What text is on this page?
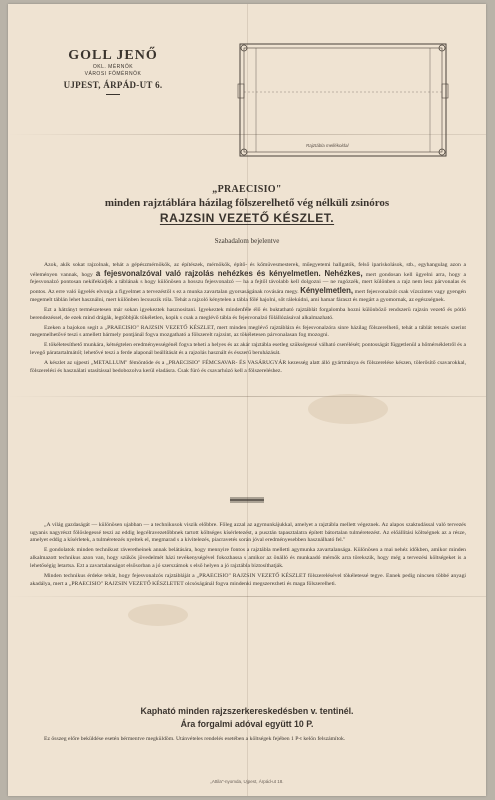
GOLL JENŐ
OKL. MÉRNÖK
VÁROSI FŐMÉRNÖK
UJPEST, ÁRPÁD-UT 6.
Rajztábla mellékoldal
„PRAECISIO"
minden rajztáblára házilag fölszerelhető vég nélküli zsinóros
RAJZSIN VEZETŐ KÉSZLET.
Szabadalom bejelentve

Azok, akik sokat rajzolnak, tehát a gépészmérnökök, az építészek, mérnökök, építő- és kőmüvesmesterek, műegyetemi hallgatók, felső ipariskolások, stb., egyhangulag azon a véleményen vannak, hogy a fejesvonalzóval való rajzolás nehézkes és kényelmetlen. Nehézkes, mert gondosan kell ügyelni arra, hogy a fejesvonalzó pontosan nekifeküdjék a táblának s hogy különösen a hosszu fejesvonalzó — ha a fejtől távolabb kell dolgozni — ne rugózzék, mert különben a rajz nem lesz párvonalas és pontos. Az erre való ügyelés elvonja a figyelmet a tervezéstől s ez a munka zavartalan gyorsaságának rovására megy. Kényelmetlen, mert fejesvonalzót csak vízszintes vagy gyengén megemelt táblán lehet használni, mert különben lecsuszik róla. Tehát a rajzoló kénytelen a tábla fölé hajolni, sőt rálekúdni, ami hamar fáraszt és megárt a gyomornak, az egészségnek.

Ezt a hátrányt természetesen már sokan igyekeztek hasznositani. Igyekeztek mindenféle élő és buktatható rajztáblát forgalomba hozni különböző rendszerü rajzsin vezető és pótló berendezéssel, de ezek mind drágák, legtöbbjük tökéletlen, kopik s csak a meglévő tábla és fejesvonalzó fölállózásával alkalmazható.

Ezeken a bajokon segit a „PRAECISIO" RAJZSIN VEZETŐ KÉSZLET, mert minden meglévő rajztáblára és fejesvonalzóra sinre házilag fölszerelhető, tehát a táblát tetszés szerint megemelhetővé teszi s amellett bármely pontjánál fogva mozgatható a fölszerelt rajzsint, az tökéletesen párvonalasan fog mozogni.

E tökéletesíthető munkára, kétségtelen eredményességénél fogva teheti a helyes és az akár rajztábla esetleg szükségessé válható cserélését; pontosságát függetlenül a hőmérsékletről és a levegő páratartalmától; lehetővé teszi a ferde alaponál beállítását és a rajzolás használt és ésszerű beruházását.

A készlet az ujpesti „METALLUM" fémöntöde és a „PRAECISIO" FÉMCSAVAR- ÉS VASÁRUGYÁR kezesség alatt álló gyártmánya és fölszerelése készen, tölerősítő csavarokkal, fölszerelési és használati utasítással bedobozolva kerül eladásra. Csak fúró és csavarhúzó kell a fölszereléshez.

„A világ gazdaságát — különösen ujabban — a technikusok viszik előbbre. Főleg azzal az agymunkájukkal, amelyet a rajztábla mellett végeznek. Az alapos szaktudással való tervezés ugyanis nagyrészt fölöslegessé teszi az eddig legcélravezetőbbnek tartott költséges kísérletezést, a pusztán tapasztalatra épített bátortalan tulméretezést. Az előállítási költségnek az a része, amelyet eddig a kísérletek, a tulméretezés nyeltek el, megmarad s a kivitelezés, piacravetés során jóval eredményesebben használható fel."

E gondolatok minden technikust ráveretheinek annak belátására, hogy mennyire fontos a rajztábla melletti agymunka zavartalansága. Különösen a mai nehéz időkben, amikor minden alkalmazott technikus azon van, hogy szükös jövedelmét házi tevékenységével fokozhassa s amikor az önálló és munkaadó mérnök arra törekszik, hogy még a tervezési költségeket is a lehetőségig letartsa. Ezt a zavartalanságot elsősorban a jó szerszámok s első helyen a jó rajztábla biztosíthatják.

Minden technikus érdeke tehát, hogy fejesvonalzós rajztábláját a „PRAECISIO" RAJZSIN VEZETŐ KÉSZLET fölszerelésével tökéletessé tegye. Ennek pedig nincsen többé anyagi akadálya, mert a „PRAECISIO" RAJZSIN VEZETŐ KÉSZLETET olcsóságánál fogva mindenki megszerezheti és maga fölszerelheti.

Kapható minden rajzszerkereskedésben v. tentinél.
Ára forgalmi adóval együtt 10 P.

Ez összeg előre beküldése esetén bérmentve megküldöm. Utánvételes rendelés esetében a költségek fejében 1 P-t kelön felszámítok.

„Attila"-nyomda, Ujpest, Árpád-ut 18.
